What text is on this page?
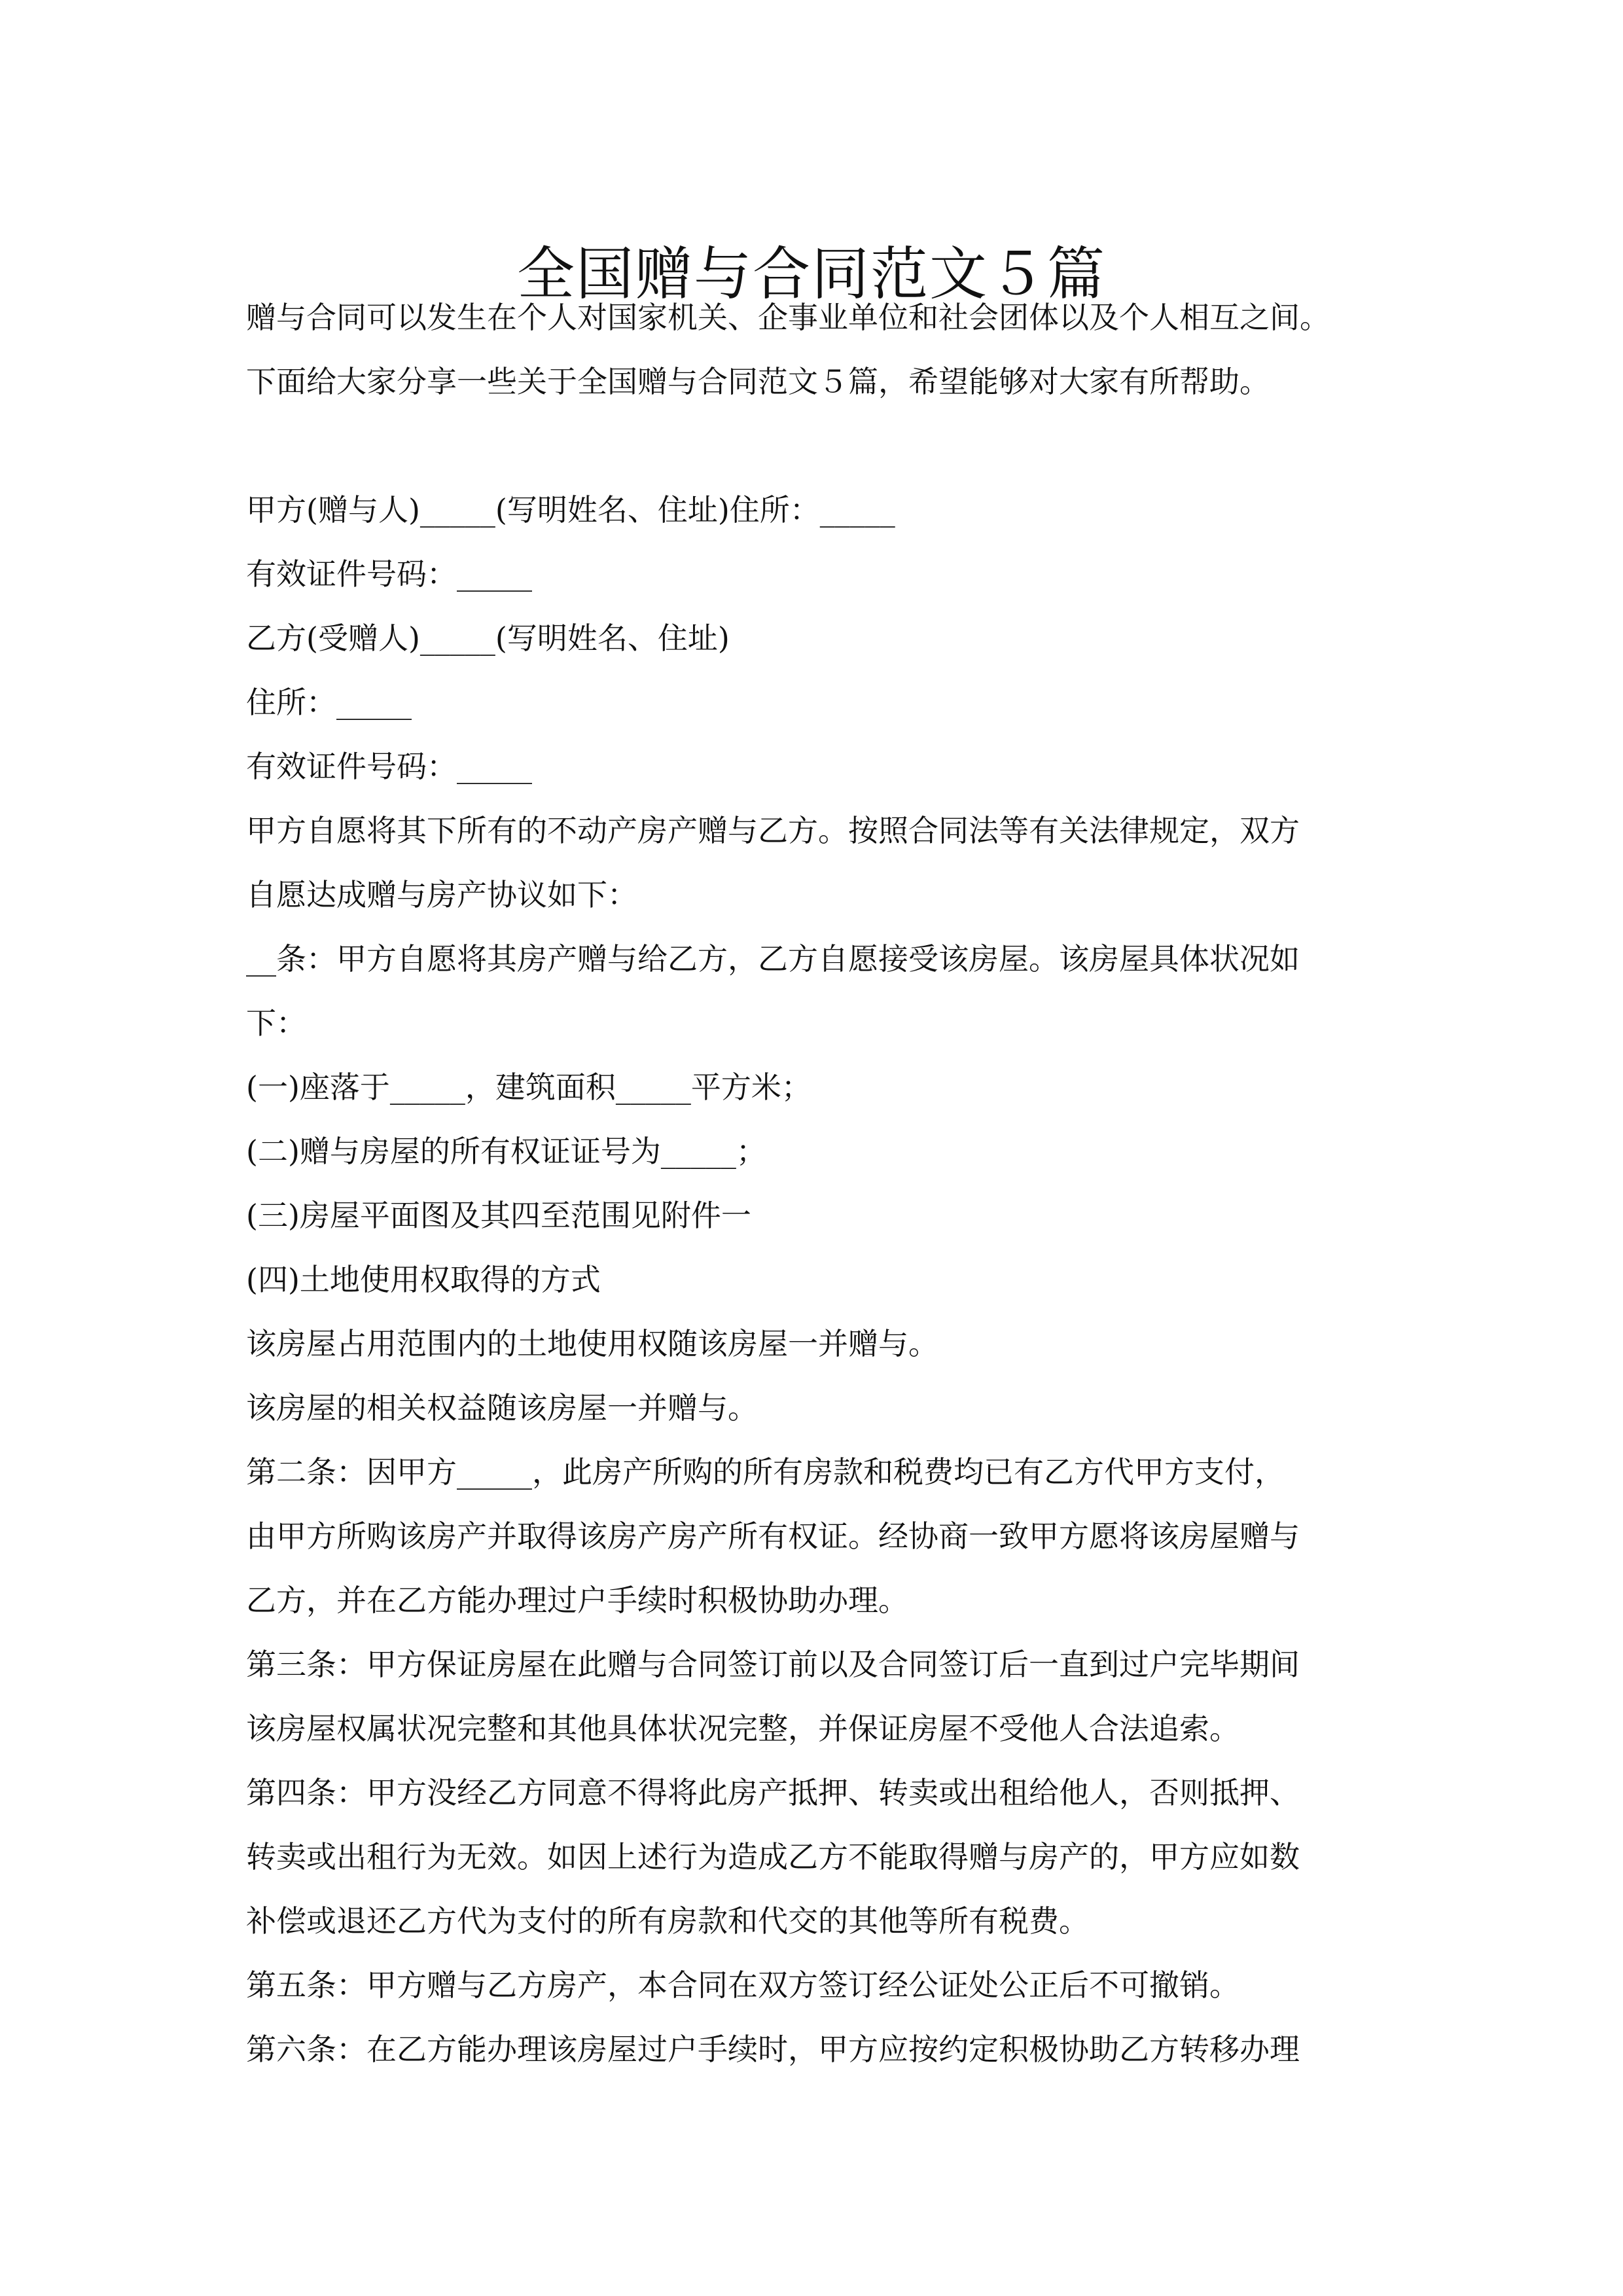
全国赠与合同范文５篇
赠与合同可以发生在个人对国家机关、企事业单位和社会团体以及个人相互之间。
下面给大家分享一些关于全国赠与合同范文５篇，希望能够对大家有所帮助。
甲方(赠与人)_____(写明姓名、住址)住所：_____
有效证件号码：_____
乙方(受赠人)_____(写明姓名、住址)
住所：_____
有效证件号码：_____
甲方自愿将其下所有的不动产房产赠与乙方。按照合同法等有关法律规定，双方
自愿达成赠与房产协议如下：
__条：甲方自愿将其房产赠与给乙方，乙方自愿接受该房屋。该房屋具体状况如
下：
(一)座落于_____，建筑面积_____平方米；
(二)赠与房屋的所有权证证号为_____；
(三)房屋平面图及其四至范围见附件一
(四)土地使用权取得的方式
该房屋占用范围内的土地使用权随该房屋一并赠与。
该房屋的相关权益随该房屋一并赠与。
第二条：因甲方_____，此房产所购的所有房款和税费均已有乙方代甲方支付，
由甲方所购该房产并取得该房产房产所有权证。经协商一致甲方愿将该房屋赠与
乙方，并在乙方能办理过户手续时积极协助办理。
第三条：甲方保证房屋在此赠与合同签订前以及合同签订后一直到过户完毕期间
该房屋权属状况完整和其他具体状况完整，并保证房屋不受他人合法追索。
第四条：甲方没经乙方同意不得将此房产抵押、转卖或出租给他人，否则抵押、
转卖或出租行为无效。如因上述行为造成乙方不能取得赠与房产的，甲方应如数
补偿或退还乙方代为支付的所有房款和代交的其他等所有税费。
第五条：甲方赠与乙方房产，本合同在双方签订经公证处公正后不可撤销。
第六条：在乙方能办理该房屋过户手续时，甲方应按约定积极协助乙方转移办理
